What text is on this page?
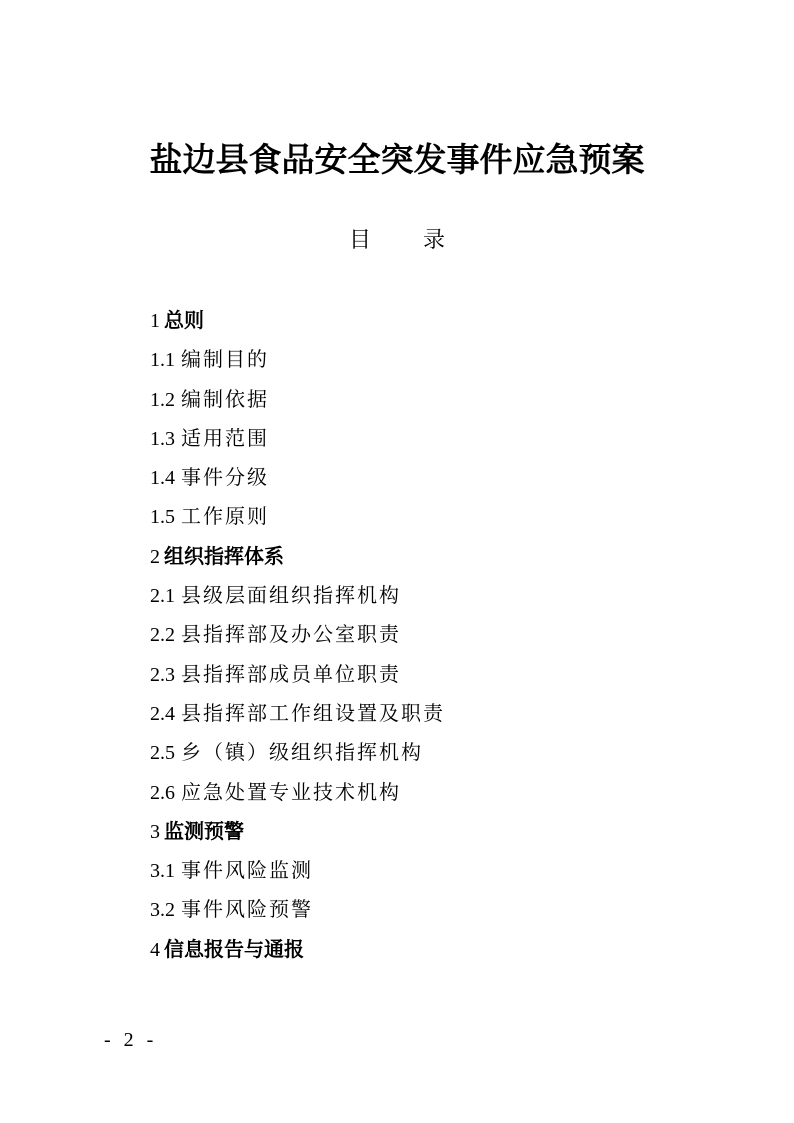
盐边县食品安全突发事件应急预案
目 录
1 总则
1.1 编制目的
1.2 编制依据
1.3 适用范围
1.4 事件分级
1.5 工作原则
2 组织指挥体系
2.1 县级层面组织指挥机构
2.2 县指挥部及办公室职责
2.3 县指挥部成员单位职责
2.4 县指挥部工作组设置及职责
2.5 乡（镇）级组织指挥机构
2.6 应急处置专业技术机构
3 监测预警
3.1 事件风险监测
3.2 事件风险预警
4 信息报告与通报
- 2 -
